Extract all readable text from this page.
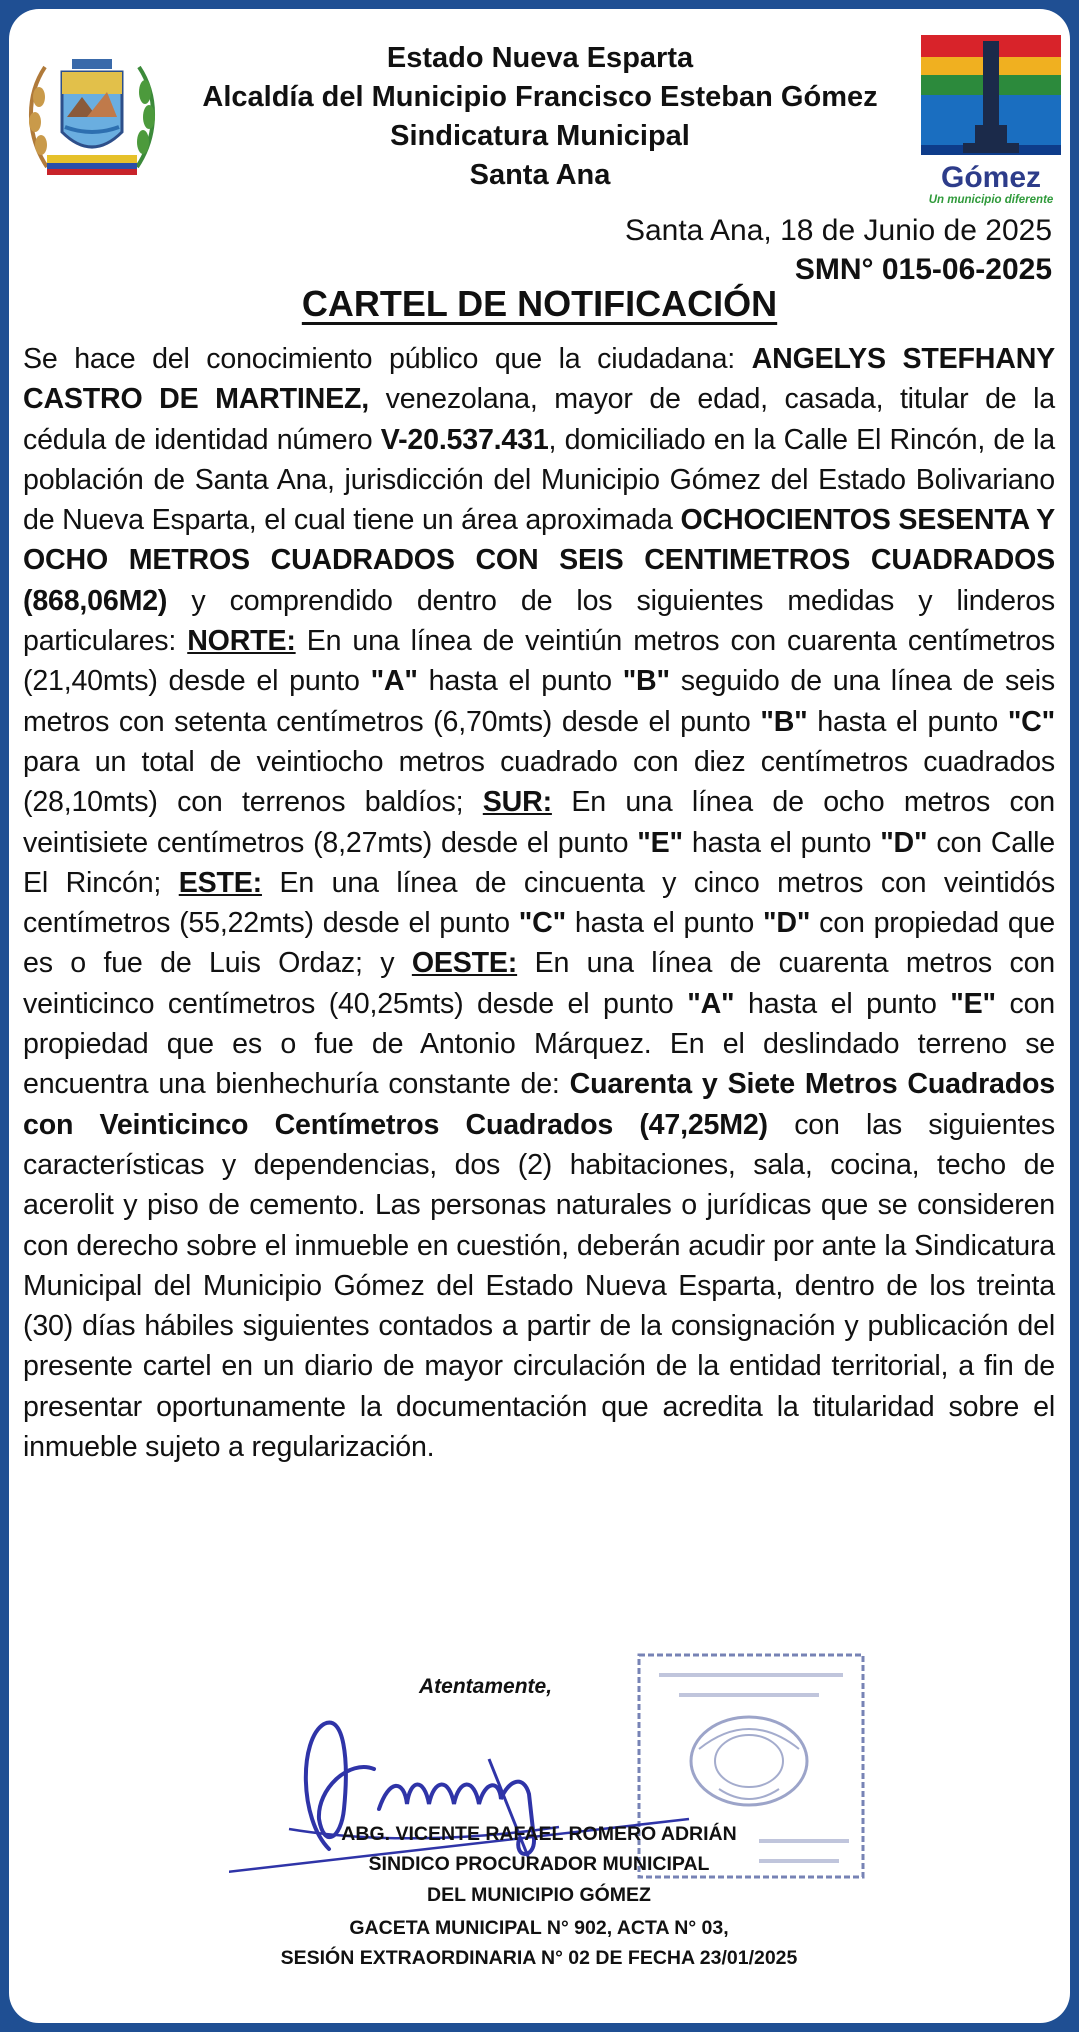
Estado Nueva Esparta
Alcaldía del Municipio Francisco Esteban Gómez
Sindicatura Municipal
Santa Ana	Gómez
Un municipio diferente
Santa Ana, 18 de Junio de 2025
SMN° 015-06-2025
CARTEL DE NOTIFICACIÓN
Se hace del conocimiento público que la ciudadana: ANGELYS STEFHANY CASTRO DE MARTINEZ, venezolana, mayor de edad, casada, titular de la cédula de identidad número V-20.537.431, domiciliado en la Calle El Rincón, de la población de Santa Ana, jurisdicción del Municipio Gómez del Estado Bolivariano de Nueva Esparta, el cual tiene un área aproximada OCHOCIENTOS SESENTA Y OCHO METROS CUADRADOS CON SEIS CENTIMETROS CUADRADOS (868,06M2) y comprendido dentro de los siguientes medidas y linderos particulares: NORTE: En una línea de veintiún metros con cuarenta centímetros (21,40mts) desde el punto "A" hasta el punto "B" seguido de una línea de seis metros con setenta centímetros (6,70mts) desde el punto "B" hasta el punto "C" para un total de veintiocho metros cuadrado con diez centímetros cuadrados (28,10mts) con terrenos baldíos; SUR: En una línea de ocho metros con veintisiete centímetros (8,27mts) desde el punto "E" hasta el punto "D" con Calle El Rincón; ESTE: En una línea de cincuenta y cinco metros con veintidós centímetros (55,22mts) desde el punto "C" hasta el punto "D" con propiedad que es o fue de Luis Ordaz; y OESTE: En una línea de cuarenta metros con veinticinco centímetros (40,25mts) desde el punto "A" hasta el punto "E" con propiedad que es o fue de Antonio Márquez. En el deslindado terreno se encuentra una bienhechuría constante de: Cuarenta y Siete Metros Cuadrados con Veinticinco Centímetros Cuadrados (47,25M2) con las siguientes características y dependencias, dos (2) habitaciones, sala, cocina, techo de acerolit y piso de cemento. Las personas naturales o jurídicas que se consideren con derecho sobre el inmueble en cuestión, deberán acudir por ante la Sindicatura Municipal del Municipio Gómez del Estado Nueva Esparta, dentro de los treinta (30) días hábiles siguientes contados a partir de la consignación y publicación del presente cartel en un diario de mayor circulación de la entidad territorial, a fin de presentar oportunamente la documentación que acredita la titularidad sobre el inmueble sujeto a regularización.
Atentamente,
ABG. VICENTE RAFAEL ROMERO ADRIÁN
SINDICO PROCURADOR MUNICIPAL
DEL MUNICIPIO GÓMEZ
GACETA MUNICIPAL N° 902, ACTA N° 03,
SESIÓN EXTRAORDINARIA N° 02 DE FECHA 23/01/2025
